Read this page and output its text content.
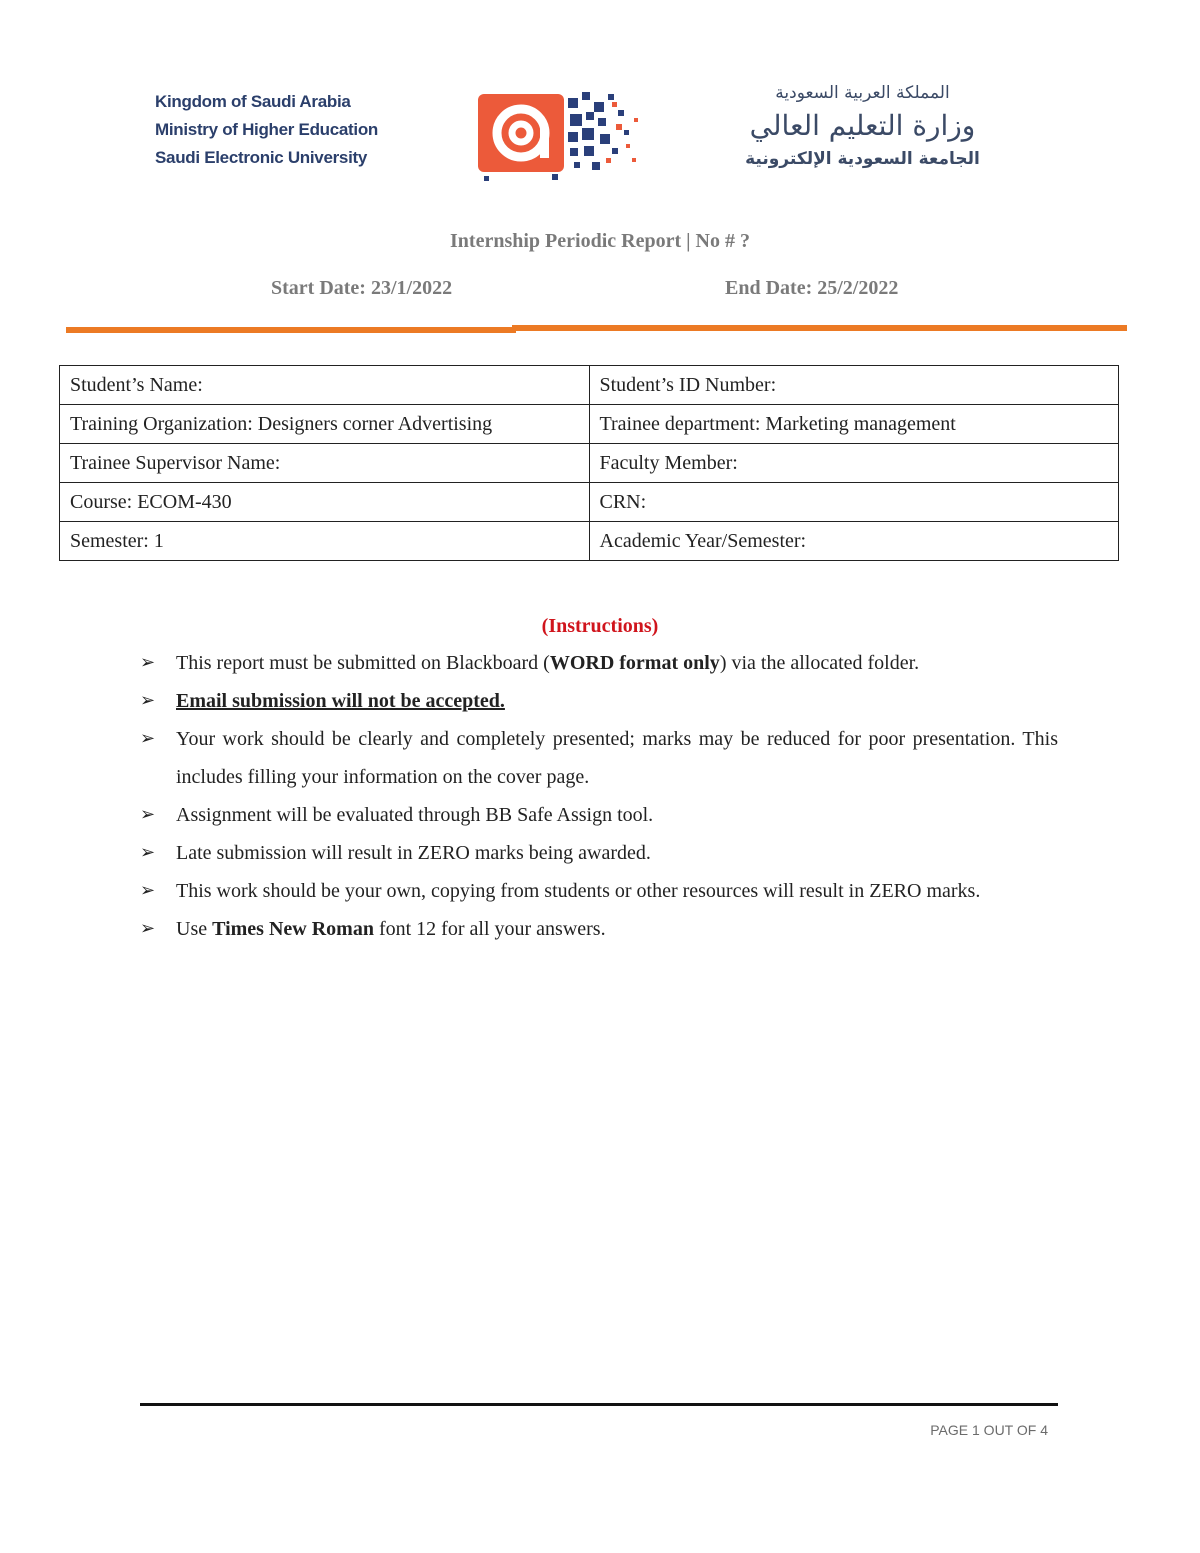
Kingdom of Saudi Arabia
Ministry of Higher Education
Saudi Electronic University
المملكة العربية السعودية
وزارة التعليم العالي
الجامعة السعودية الإلكترونية
Internship Periodic Report | No # ?
Start Date: 23/1/2022	End Date: 25/2/2022
Student’s Name:	Student’s ID Number:
Training Organization: Designers corner Advertising	Trainee department: Marketing management
Trainee Supervisor Name:	Faculty Member:
Course: ECOM-430	CRN:
Semester: 1	Academic Year/Semester:
(Instructions)
➢ This report must be submitted on Blackboard (WORD format only) via the allocated folder.
➢ Email submission will not be accepted.
➢ Your work should be clearly and completely presented; marks may be reduced for poor presentation. This includes filling your information on the cover page.
➢ Assignment will be evaluated through BB Safe Assign tool.
➢ Late submission will result in ZERO marks being awarded.
➢ This work should be your own, copying from students or other resources will result in ZERO marks.
➢ Use Times New Roman font 12 for all your answers.
PAGE 1 OUT OF 4
